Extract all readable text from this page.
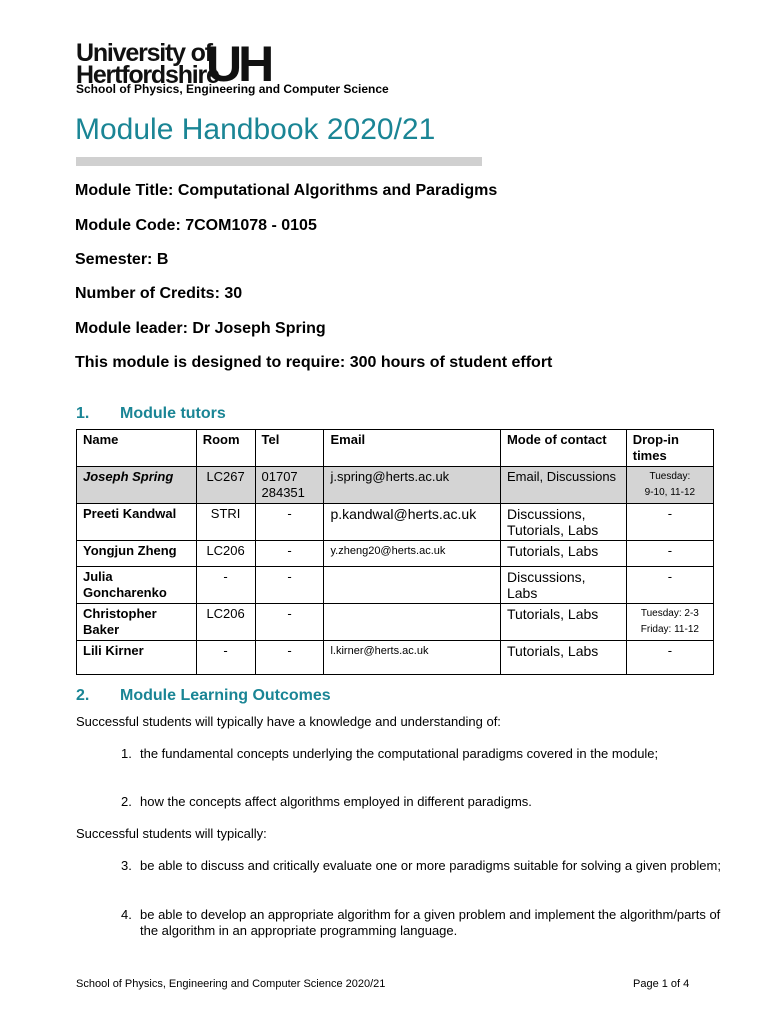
University of
Hertfordshire
UH
School of Physics, Engineering and Computer Science
Module Handbook 2020/21
Module Title: Computational Algorithms and Paradigms
Module Code: 7COM1078 - 0105
Semester: B
Number of Credits: 30
Module leader: Dr Joseph Spring
This module is designed to require: 300 hours of student effort
1. Module tutors
Name	Room	Tel	Email	Mode of contact	Drop-in times
Joseph Spring	LC267	01707 284351	j.spring@herts.ac.uk	Email, Discussions	Tuesday:
9-10, 11-12

Preeti Kandwal	STRI	-	p.kandwal@herts.ac.uk	Discussions, Tutorials, Labs	-
Yongjun Zheng	LC206	-	y.zheng20@herts.ac.uk	Tutorials, Labs	-
Julia Goncharenko	-	-		Discussions, Labs	-
Christopher Baker	LC206	-		Tutorials, Labs	Tuesday: 2-3
Friday: 11-12

Lili Kirner	-	-	l.kirner@herts.ac.uk	Tutorials, Labs	-
2. Module Learning Outcomes
Successful students will typically have a knowledge and understanding of:
1. the fundamental concepts underlying the computational paradigms covered in the module;
2. how the concepts affect algorithms employed in different paradigms.
Successful students will typically:
3. be able to discuss and critically evaluate one or more paradigms suitable for solving a given problem;
4. be able to develop an appropriate algorithm for a given problem and implement the algorithm/parts of the algorithm in an appropriate programming language.
School of Physics, Engineering and Computer Science 2020/21	Page 1 of 4
